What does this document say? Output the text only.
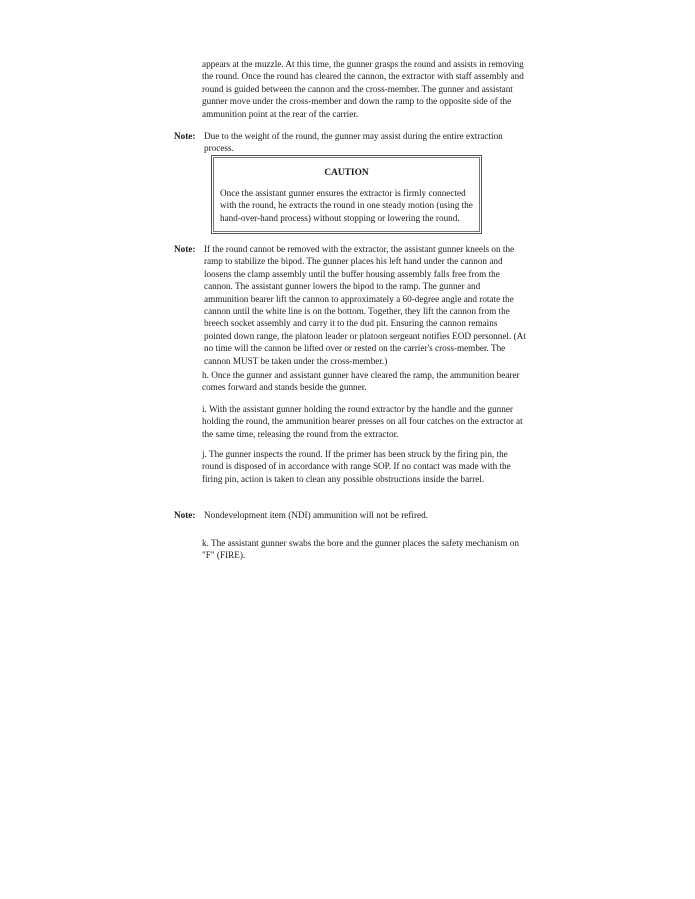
appears at the muzzle. At this time, the gunner grasps the round and assists in removing the round. Once the round has cleared the cannon, the extractor with staff assembly and round is guided between the cannon and the cross-member. The gunner and assistant gunner move under the cross-member and down the ramp to the opposite side of the ammunition point at the rear of the carrier.

Note: Due to the weight of the round, the gunner may assist during the entire extraction process.

CAUTION

Once the assistant gunner ensures the extractor is firmly connected with the round, he extracts the round in one steady motion (using the hand-over-hand process) without stopping or lowering the round.

Note: If the round cannot be removed with the extractor, the assistant gunner kneels on the ramp to stabilize the bipod. The gunner places his left hand under the cannon and loosens the clamp assembly until the buffer housing assembly falls free from the cannon. The assistant gunner lowers the bipod to the ramp. The gunner and ammunition bearer lift the cannon to approximately a 60-degree angle and rotate the cannon until the white line is on the bottom. Together, they lift the cannon from the breech socket assembly and carry it to the dud pit. Ensuring the cannon remains pointed down range, the platoon leader or platoon sergeant notifies EOD personnel. (At no time will the cannon be lifted over or rested on the carrier's cross-member. The cannon MUST be taken under the cross-member.)

h. Once the gunner and assistant gunner have cleared the ramp, the ammunition bearer comes forward and stands beside the gunner.

i. With the assistant gunner holding the round extractor by the handle and the gunner holding the round, the ammunition bearer presses on all four catches on the extractor at the same time, releasing the round from the extractor.

j. The gunner inspects the round. If the primer has been struck by the firing pin, the round is disposed of in accordance with range SOP. If no contact was made with the firing pin, action is taken to clean any possible obstructions inside the barrel.

Note: Nondevelopment item (NDI) ammunition will not be refired.

k. The assistant gunner swabs the bore and the gunner places the safety mechanism on "F" (FIRE).
